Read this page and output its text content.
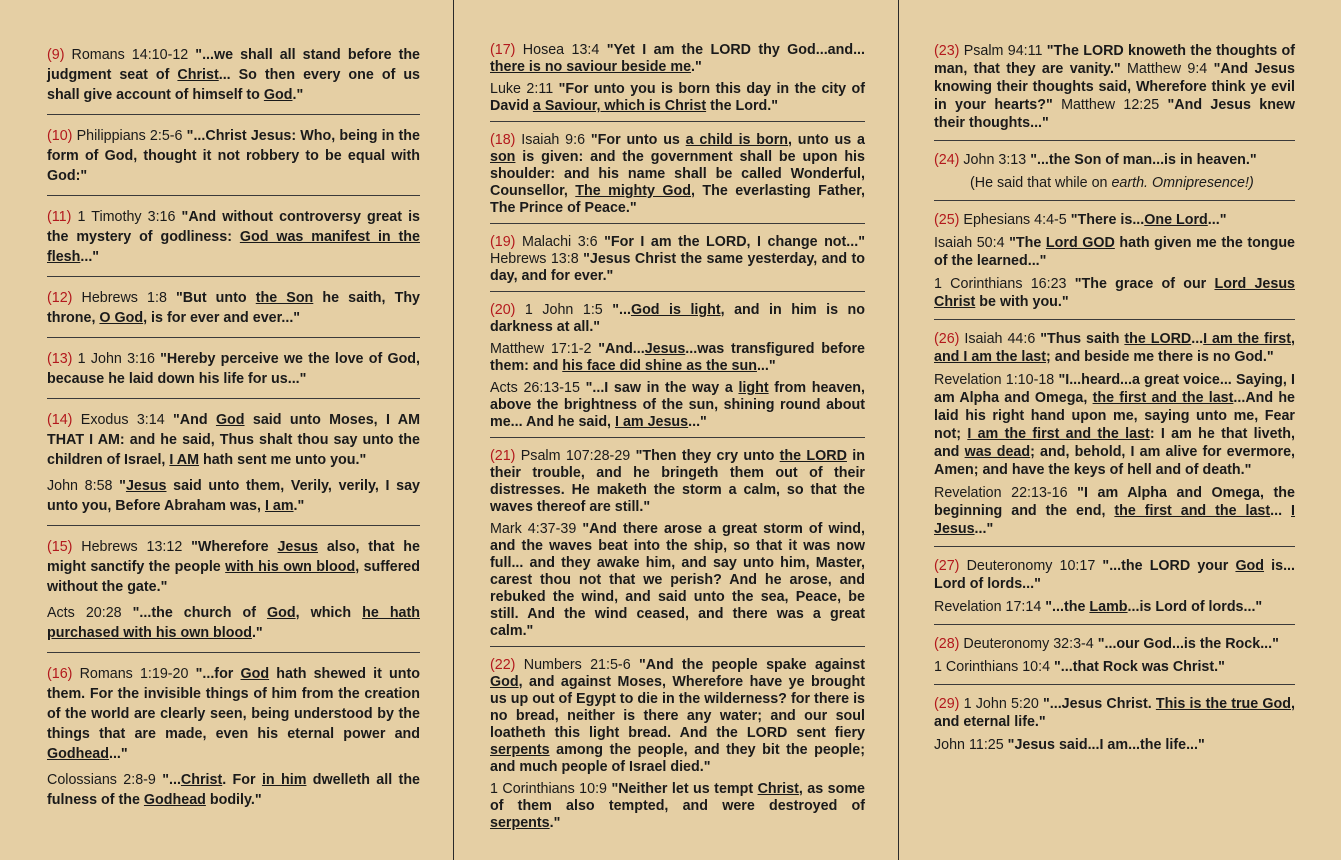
(9) Romans 14:10-12 "...we shall all stand before the judgment seat of Christ... So then every one of us shall give account of himself to God."

(10) Philippians 2:5-6 "...Christ Jesus: Who, being in the form of God, thought it not robbery to be equal with God:"

(11) 1 Timothy 3:16 "And without controversy great is the mystery of godliness: God was manifest in the flesh..."

(12) Hebrews 1:8 "But unto the Son he saith, Thy throne, O God, is for ever and ever..."

(13) 1 John 3:16 "Hereby perceive we the love of God, because he laid down his life for us..."

(14) Exodus 3:14 "And God said unto Moses, I AM THAT I AM: and he said, Thus shalt thou say unto the children of Israel, I AM hath sent me unto you."

John 8:58 "Jesus said unto them, Verily, verily, I say unto you, Before Abraham was, I am."

(15) Hebrews 13:12 "Wherefore Jesus also, that he might sanctify the people with his own blood, suffered without the gate."

Acts 20:28 "...the church of God, which he hath purchased with his own blood."

(16) Romans 1:19-20 "...for God hath shewed it unto them. For the invisible things of him from the creation of the world are clearly seen, being understood by the things that are made, even his eternal power and Godhead..."

Colossians 2:8-9 "...Christ. For in him dwelleth all the fulness of the Godhead bodily."

(17) Hosea 13:4 "Yet I am the LORD thy God...and... there is no saviour beside me."

Luke 2:11 "For unto you is born this day in the city of David a Saviour, which is Christ the Lord."

(18) Isaiah 9:6 "For unto us a child is born, unto us a son is given: and the government shall be upon his shoulder: and his name shall be called Wonderful, Counsellor, The mighty God, The everlasting Father, The Prince of Peace."

(19) Malachi 3:6 "For I am the LORD, I change not..." Hebrews 13:8 "Jesus Christ the same yesterday, and to day, and for ever."

(20) 1 John 1:5 "...God is light, and in him is no darkness at all."

Matthew 17:1-2 "And...Jesus...was transfigured before them: and his face did shine as the sun..."

Acts 26:13-15 "...I saw in the way a light from heaven, above the brightness of the sun, shining round about me... And he said, I am Jesus..."

(21) Psalm 107:28-29 "Then they cry unto the LORD in their trouble, and he bringeth them out of their distresses. He maketh the storm a calm, so that the waves thereof are still."

Mark 4:37-39 "And there arose a great storm of wind, and the waves beat into the ship, so that it was now full... and they awake him, and say unto him, Master, carest thou not that we perish? And he arose, and rebuked the wind, and said unto the sea, Peace, be still. And the wind ceased, and there was a great calm."

(22) Numbers 21:5-6 "And the people spake against God, and against Moses, Wherefore have ye brought us up out of Egypt to die in the wilderness? for there is no bread, neither is there any water; and our soul loatheth this light bread. And the LORD sent fiery serpents among the people, and they bit the people; and much people of Israel died."

1 Corinthians 10:9 "Neither let us tempt Christ, as some of them also tempted, and were destroyed of serpents."

(23) Psalm 94:11 "The LORD knoweth the thoughts of man, that they are vanity." Matthew 9:4 "And Jesus knowing their thoughts said, Wherefore think ye evil in your hearts?" Matthew 12:25 "And Jesus knew their thoughts..."

(24) John 3:13 "...the Son of man...is in heaven."

(He said that while on earth. Omnipresence!)

(25) Ephesians 4:4-5 "There is...One Lord..."

Isaiah 50:4 "The Lord GOD hath given me the tongue of the learned..."

1 Corinthians 16:23 "The grace of our Lord Jesus Christ be with you."

(26) Isaiah 44:6 "Thus saith the LORD...I am the first, and I am the last; and beside me there is no God."

Revelation 1:10-18 "I...heard...a great voice... Saying, I am Alpha and Omega, the first and the last...And he laid his right hand upon me, saying unto me, Fear not; I am the first and the last: I am he that liveth, and was dead; and, behold, I am alive for evermore, Amen; and have the keys of hell and of death."

Revelation 22:13-16 "I am Alpha and Omega, the beginning and the end, the first and the last... I Jesus..."

(27) Deuteronomy 10:17 "...the LORD your God is... Lord of lords..."

Revelation 17:14 "...the Lamb...is Lord of lords..."

(28) Deuteronomy 32:3-4 "...our God...is the Rock..."

1 Corinthians 10:4 "...that Rock was Christ."

(29) 1 John 5:20 "...Jesus Christ. This is the true God, and eternal life."

John 11:25 "Jesus said...I am...the life..."
